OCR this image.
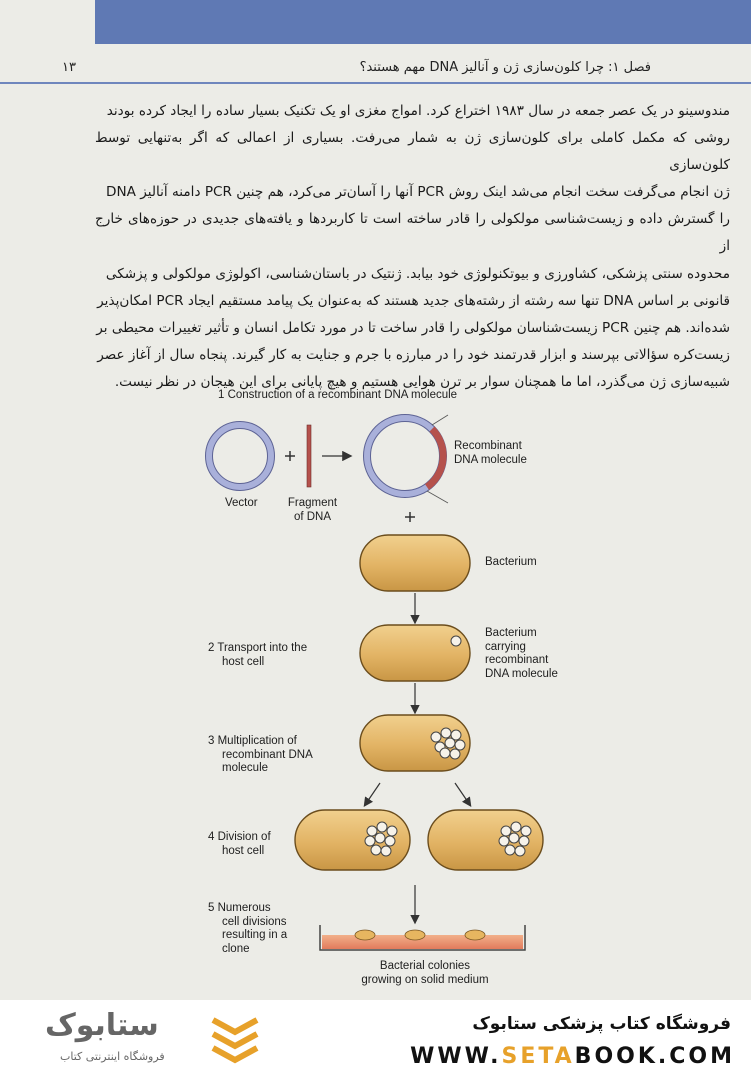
فصل ۱: چرا کلون‌سازی ژن و آنالیز DNA مهم هستند؟
۱۳

مندوسینو در یک عصر جمعه در سال ۱۹۸۳ اختراع کرد. امواج مغزی او یک تکنیک بسیار ساده را ایجاد کرده بودند

روشی که مکمل کاملی برای کلون‌سازی ژن به شمار می‌رفت. بسیاری از اعمالی که اگر به‌تنهایی توسط کلون‌سازی

ژن انجام می‌گرفت سخت انجام می‌شد اینک روش PCR آنها را آسان‌تر می‌کرد، هم چنین PCR دامنه آنالیز DNA

را گسترش داده و زیست‌شناسی مولکولی را قادر ساخته است تا کاربردها و یافته‌های جدیدی در حوزه‌های خارج از

محدوده سنتی پزشکی، کشاورزی و بیوتکنولوژی خود بیابد. ژنتیک در باستان‌شناسی، اکولوژی مولکولی و پزشکی

قانونی بر اساس DNA تنها سه رشته از رشته‌های جدید هستند که به‌عنوان یک پیامد مستقیم ایجاد PCR امکان‌پذیر

شده‌اند. هم چنین PCR زیست‌شناسان مولکولی را قادر ساخت تا در مورد تکامل انسان و تأثیر تغییرات محیطی بر

زیست‌کره سؤالاتی بپرسند و ابزار قدرتمند خود را در مبارزه با جرم و جنایت به کار گیرند. پنجاه سال از آغاز عصر

شبیه‌سازی ژن می‌گذرد، اما ما همچنان سوار بر ترن هوایی هستیم و هیچ پایانی برای این هیجان در نظر نیست.

1 Construction of a recombinant DNA molecule
Vector	Fragment
of DNA
Recombinant
DNA molecule
Bacterium
Bacterium
carrying
recombinant
DNA molecule
2 Transport into the
host cell
3 Multiplication of
recombinant DNA
molecule
4 Division of
host cell
5 Numerous
cell divisions
resulting in a
clone
Bacterial colonies
growing on solid medium
ستابوک
فروشگاه اینترنتی کتاب
فروشگاه کتاب پزشکی ستابوک
WWW.SETABOOK.COM
